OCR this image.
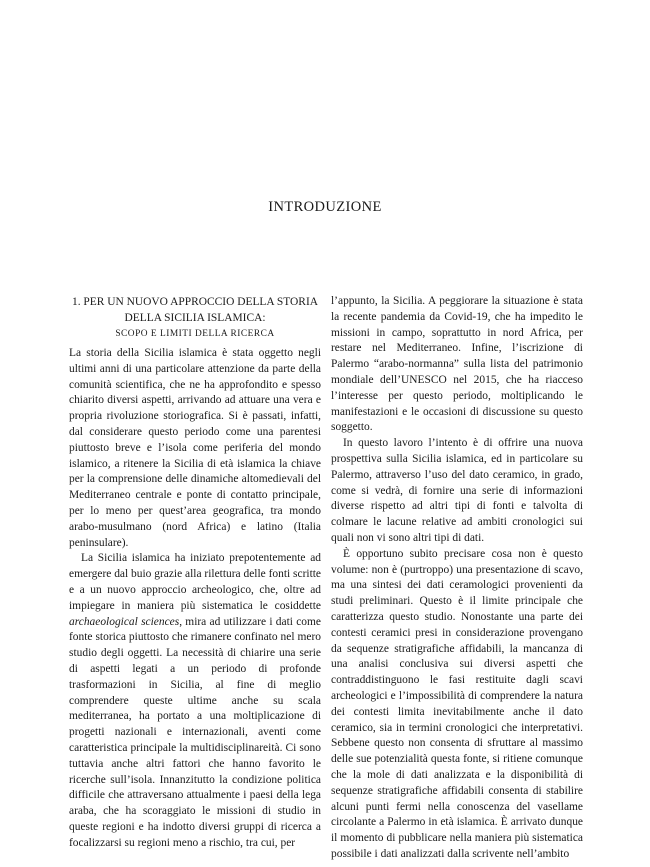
INTRODUZIONE
1. PER UN NUOVO APPROCCIO DELLA STORIA
DELLA SICILIA ISLAMICA:
SCOPO E LIMITI DELLA RICERCA

La storia della Sicilia islamica è stata oggetto negli ultimi anni di una particolare attenzione da parte della comunità scientifica, che ne ha approfondito e spesso chiarito diversi aspetti, arrivando ad attuare una vera e propria rivoluzione storiografica. Si è passati, infatti, dal considerare questo periodo come una parentesi piuttosto breve e l’isola come periferia del mondo islamico, a ritenere la Sicilia di età islamica la chiave per la comprensione delle dinamiche altomedievali del Mediterraneo centrale e ponte di contatto principale, per lo meno per quest’area geografica, tra mondo arabo-musulmano (nord Africa) e latino (Italia peninsulare).

La Sicilia islamica ha iniziato prepotentemente ad emergere dal buio grazie alla rilettura delle fonti scritte e a un nuovo approccio archeologico, che, oltre ad impiegare in maniera più sistematica le cosiddette archaeological sciences, mira ad utilizzare i dati come fonte storica piuttosto che rimanere confinato nel mero studio degli oggetti. La necessità di chiarire una serie di aspetti legati a un periodo di profonde trasformazioni in Sicilia, al fine di meglio comprendere queste ultime anche su scala mediterranea, ha portato a una moltiplicazione di progetti nazionali e internazionali, aventi come caratteristica principale la multidisciplinareità. Ci sono tuttavia anche altri fattori che hanno favorito le ricerche sull’isola. Innanzitutto la condizione politica difficile che attraversano attualmente i paesi della lega araba, che ha scoraggiato le missioni di studio in queste regioni e ha indotto diversi gruppi di ricerca a focalizzarsi su regioni meno a rischio, tra cui, per

l’appunto, la Sicilia. A peggiorare la situazione è stata la recente pandemia da Covid-19, che ha impedito le missioni in campo, soprattutto in nord Africa, per restare nel Mediterraneo. Infine, l’iscrizione di Palermo “arabo-normanna” sulla lista del patrimonio mondiale dell’UNESCO nel 2015, che ha riacceso l’interesse per questo periodo, moltiplicando le manifestazioni e le occasioni di discussione su questo soggetto.

In questo lavoro l’intento è di offrire una nuova prospettiva sulla Sicilia islamica, ed in particolare su Palermo, attraverso l’uso del dato ceramico, in grado, come si vedrà, di fornire una serie di informazioni diverse rispetto ad altri tipi di fonti e talvolta di colmare le lacune relative ad ambiti cronologici sui quali non vi sono altri tipi di dati.

È opportuno subito precisare cosa non è questo volume: non è (purtroppo) una presentazione di scavo, ma una sintesi dei dati ceramologici provenienti da studi preliminari. Questo è il limite principale che caratterizza questo studio. Nonostante una parte dei contesti ceramici presi in considerazione provengano da sequenze stratigrafiche affidabili, la mancanza di una analisi conclusiva sui diversi aspetti che contraddistinguono le fasi restituite dagli scavi archeologici e l’impossibilità di comprendere la natura dei contesti limita inevitabilmente anche il dato ceramico, sia in termini cronologici che interpretativi. Sebbene questo non consenta di sfruttare al massimo delle sue potenzialità questa fonte, si ritiene comunque che la mole di dati analizzata e la disponibilità di sequenze stratigrafiche affidabili consenta di stabilire alcuni punti fermi nella conoscenza del vasellame circolante a Palermo in età islamica. È arrivato dunque il momento di pubblicare nella maniera più sistematica possibile i dati analizzati dalla scrivente nell’ambito
